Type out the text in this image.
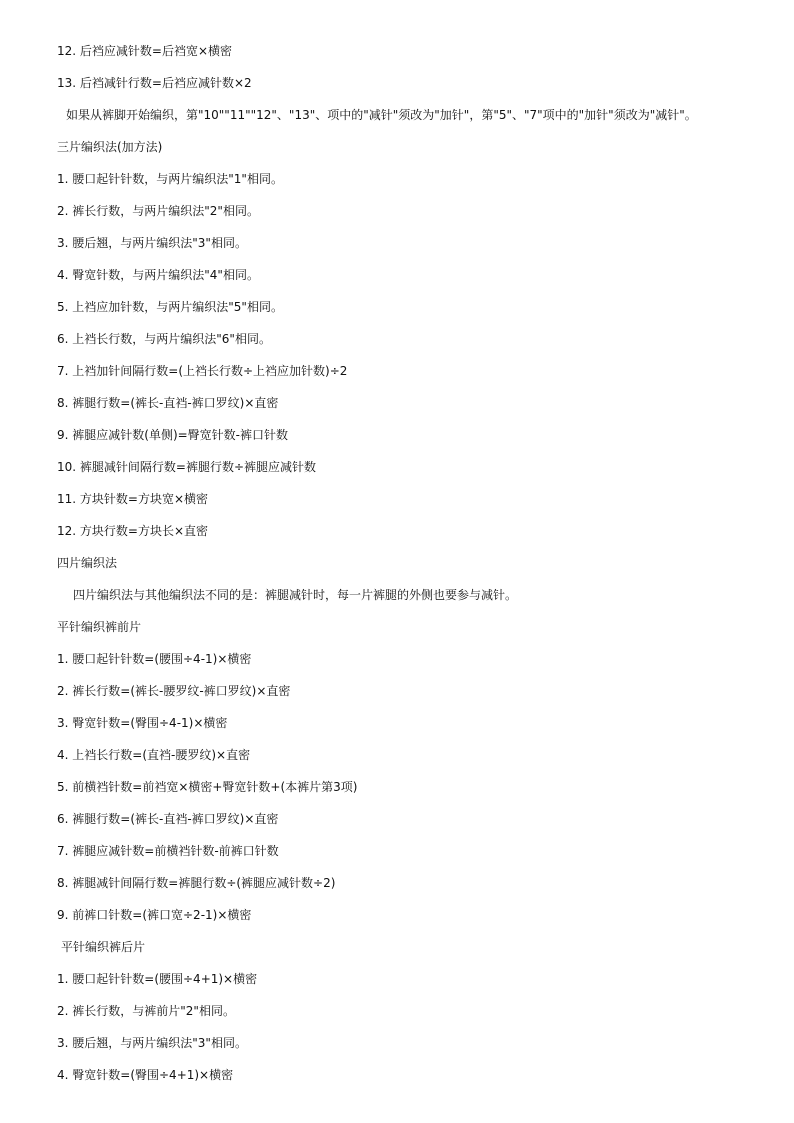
12. 后裆应减针数=后裆宽×横密
13. 后裆减针行数=后裆应减针数×2
如果从裤脚开始编织，第"10""11""12"、"13"、项中的"减针"须改为"加针"，第"5"、"7"项中的"加针"须改为"减针"。
三片编织法(加方法)
1. 腰口起针针数，与两片编织法"1"相同。
2. 裤长行数，与两片编织法"2"相同。
3. 腰后翘，与两片编织法"3"相同。
4. 臀宽针数，与两片编织法"4"相同。
5. 上裆应加针数，与两片编织法"5"相同。
6. 上裆长行数，与两片编织法"6"相同。
7. 上裆加针间隔行数=(上裆长行数÷上裆应加针数)÷2
8. 裤腿行数=(裤长-直裆-裤口罗纹)×直密
9. 裤腿应减针数(单侧)=臀宽针数-裤口针数
10. 裤腿减针间隔行数=裤腿行数÷裤腿应减针数
11. 方块针数=方块宽×横密
12. 方块行数=方块长×直密
四片编织法
四片编织法与其他编织法不同的是：裤腿减针时，每一片裤腿的外侧也要参与减针。
平针编织裤前片
1. 腰口起针针数=(腰围÷4-1)×横密
2. 裤长行数=(裤长-腰罗纹-裤口罗纹)×直密
3. 臀宽针数=(臀围÷4-1)×横密
4. 上裆长行数=(直裆-腰罗纹)×直密
5. 前横裆针数=前裆宽×横密+臀宽针数+(本裤片第3项)
6. 裤腿行数=(裤长-直裆-裤口罗纹)×直密
7. 裤腿应减针数=前横裆针数-前裤口针数
8. 裤腿减针间隔行数=裤腿行数÷(裤腿应减针数÷2)
9. 前裤口针数=(裤口宽÷2-1)×横密
平针编织裤后片
1. 腰口起针针数=(腰围÷4+1)×横密
2. 裤长行数，与裤前片"2"相同。
3. 腰后翘，与两片编织法"3"相同。
4. 臀宽针数=(臀围÷4+1)×横密
